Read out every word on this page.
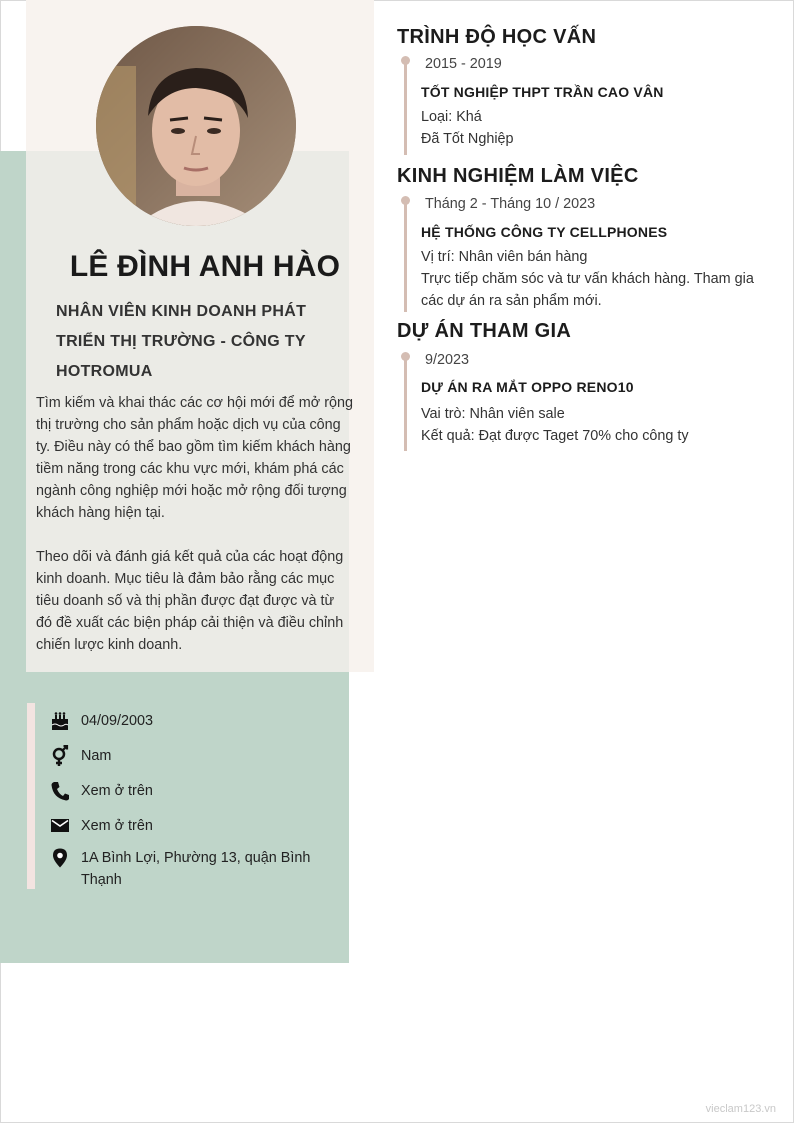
LÊ ĐÌNH ANH HÀO
NHÂN VIÊN KINH DOANH PHÁT TRIỂN THỊ TRƯỜNG - CÔNG TY HOTROMUA

Tìm kiếm và khai thác các cơ hội mới để mở rộng thị trường cho sản phẩm hoặc dịch vụ của công ty. Điều này có thể bao gồm tìm kiếm khách hàng tiềm năng trong các khu vực mới, khám phá các ngành công nghiệp mới hoặc mở rộng đối tượng khách hàng hiện tại.

Theo dõi và đánh giá kết quả của các hoạt động kinh doanh. Mục tiêu là đảm bảo rằng các mục tiêu doanh số và thị phần được đạt được và từ đó đề xuất các biện pháp cải thiện và điều chỉnh chiến lược kinh doanh.

04/09/2003
Nam
Xem ở trên
Xem ở trên
1A Bình Lợi, Phường 13, quận Bình Thạnh
TRÌNH ĐỘ HỌC VẤN
2015 - 2019
TỐT NGHIỆP THPT TRẦN CAO VÂN
Loại: Khá
Đã Tốt Nghiệp
KINH NGHIỆM LÀM VIỆC
Tháng 2 - Tháng 10 / 2023
HỆ THỐNG CÔNG TY CELLPHONES
Vị trí: Nhân viên bán hàng
Trực tiếp chăm sóc và tư vấn khách hàng. Tham gia các dự án ra sản phẩm mới.
DỰ ÁN THAM GIA
9/2023
DỰ ÁN RA MẮT OPPO RENO10
Vai trò: Nhân viên sale
Kết quả: Đạt được Taget 70% cho công ty
vieclam123.vn
